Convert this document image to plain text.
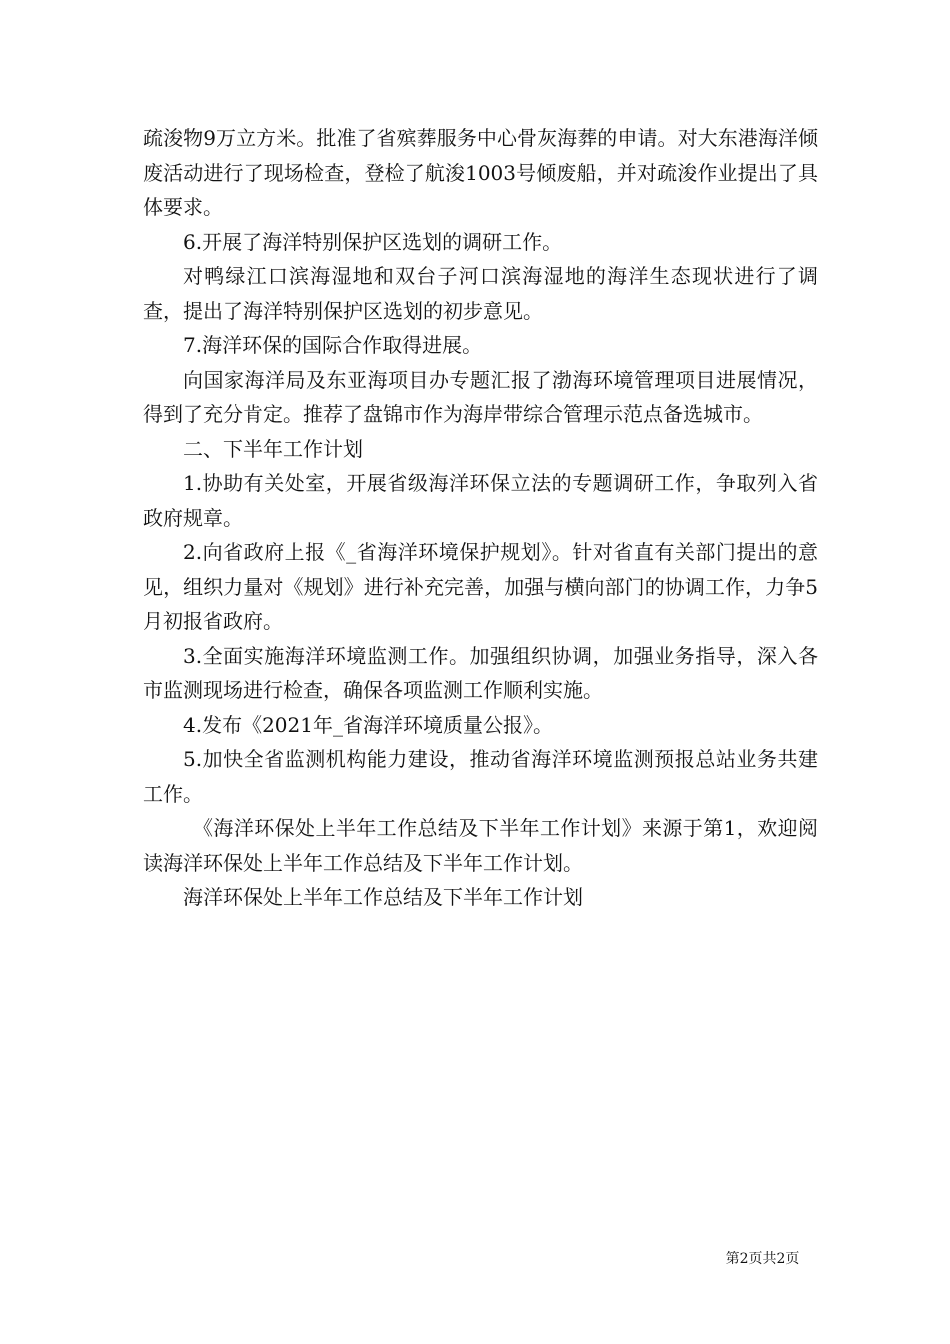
疏浚物9万立方米。批准了省殡葬服务中心骨灰海葬的申请。对大东港海洋倾废活动进行了现场检查，登检了航浚1003号倾废船，并对疏浚作业提出了具体要求。

6.开展了海洋特别保护区选划的调研工作。

对鸭绿江口滨海湿地和双台子河口滨海湿地的海洋生态现状进行了调查，提出了海洋特别保护区选划的初步意见。

7.海洋环保的国际合作取得进展。

向国家海洋局及东亚海项目办专题汇报了渤海环境管理项目进展情况，得到了充分肯定。推荐了盘锦市作为海岸带综合管理示范点备选城市。

二、下半年工作计划

1.协助有关处室，开展省级海洋环保立法的专题调研工作，争取列入省政府规章。

2.向省政府上报《_省海洋环境保护规划》。针对省直有关部门提出的意见，组织力量对《规划》进行补充完善，加强与横向部门的协调工作，力争5月初报省政府。

3.全面实施海洋环境监测工作。加强组织协调，加强业务指导，深入各市监测现场进行检查，确保各项监测工作顺利实施。

4.发布《2021年_省海洋环境质量公报》。

5.加快全省监测机构能力建设，推动省海洋环境监测预报总站业务共建工作。

《海洋环保处上半年工作总结及下半年工作计划》来源于第1，欢迎阅读海洋环保处上半年工作总结及下半年工作计划。

海洋环保处上半年工作总结及下半年工作计划

第2页共2页
